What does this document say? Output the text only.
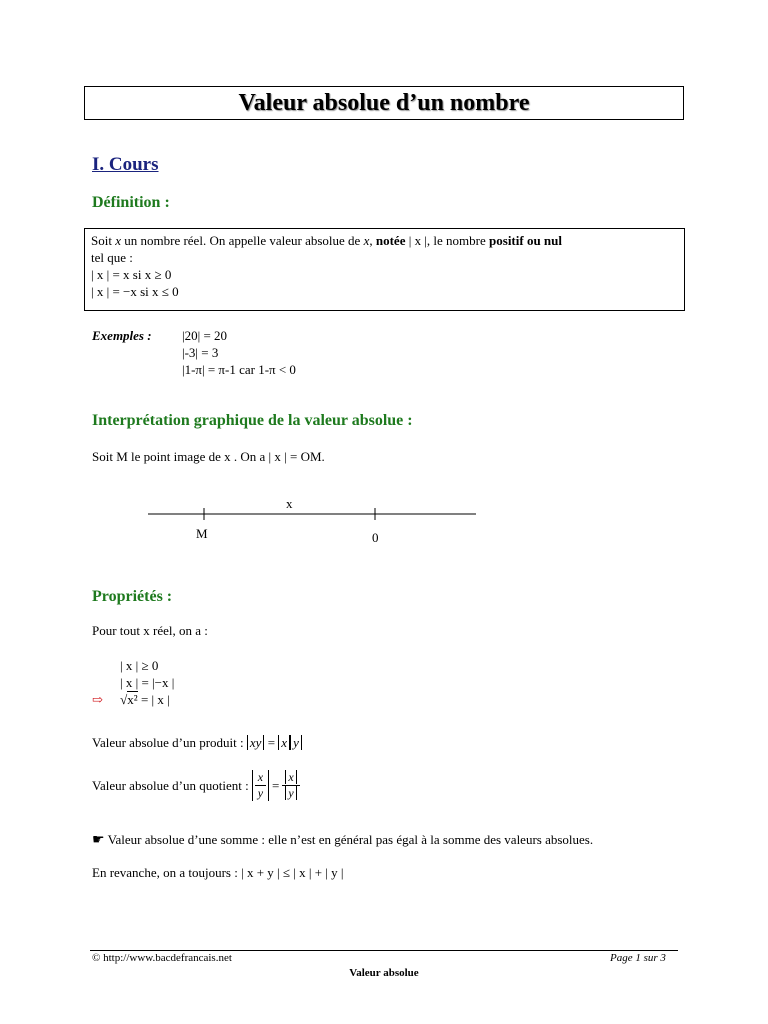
Valeur absolue d’un nombre
I. Cours
Définition :
Soit x un nombre réel. On appelle valeur absolue de x, notée | x |, le nombre positif ou nul
tel que :
| x | = x si x ≥ 0
| x | = −x si x ≤ 0
Exemples : |20| = 20
|-3| = 3
|1-π| = π-1 car 1-π < 0
Interprétation graphique de la valeur absolue :
Soit M le point image de x . On a | x | = OM.
x
M	0
Propriétés :
Pour tout x réel, on a :
| x | ≥ 0
| x | = |−x |
⇨ √x² = | x |
Valeur absolue d’un produit : xy = x y
Valeur absolue d’un quotient : $\frac{x}{y} = \frac{x}{y}$
☛ Valeur absolue d’une somme : elle n’est en général pas égal à la somme des valeurs absolues.
En revanche, on a toujours : | x + y | ≤ | x | + | y |
© http://www.bacdefrancais.net	Page 1 sur 3
Valeur absolue
